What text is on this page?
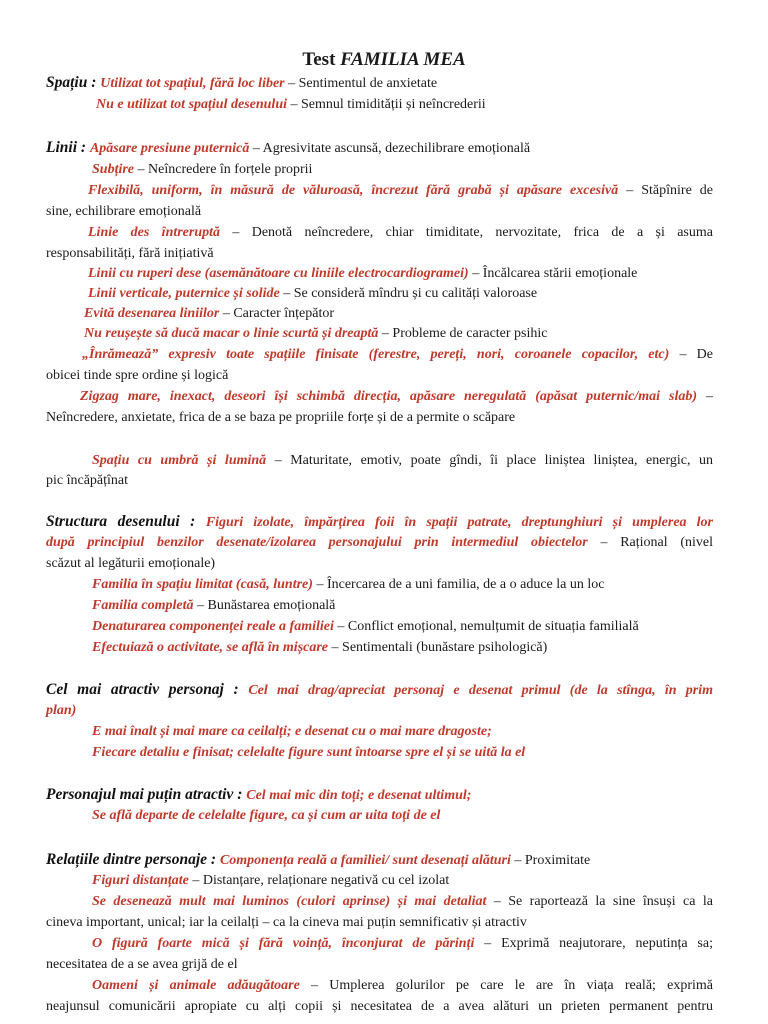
Test FAMILIA MEA
Spațiu : Utilizat tot spațiul, fără loc liber – Sentimentul de anxietate
Nu e utilizat tot spațiul desenului – Semnul timidității și neîncrederii
Linii : Apăsare presiune puternică – Agresivitate ascunsă, dezechilibrare emoțională
Subțire – Neîncredere în forțele proprii
Flexibilă, uniform, în măsură de văluroasă, încrezut fără grabă și apăsare excesivă – Stăpînire de
sine, echilibrare emoțională
Linie des întreruptă – Denotă neîncredere, chiar timiditate, nervozitate, frica de a și asuma
responsabilități, fără inițiativă
Linii cu ruperi dese (asemănătoare cu liniile electrocardiogramei) – Încălcarea stării emoționale
Linii verticale, puternice și solide – Se consideră mîndru și cu calități valoroase
Evită desenarea liniilor – Caracter înțepător
Nu reușește să ducă macar o linie scurtă și dreaptă – Probleme de caracter psihic
„Înrămează” expresiv toate spațiile finisate (ferestre, pereți, nori, coroanele copacilor, etc) – De
obicei tinde spre ordine și logică
Zigzag mare, inexact, deseori își schimbă direcția, apăsare neregulată (apăsat puternic/mai slab) –
Neîncredere, anxietate, frica de a se baza pe propriile forțe și de a permite o scăpare
Spațiu cu umbră și lumină – Maturitate, emotiv, poate gîndi, îi place liniștea liniștea, energic, un
pic încăpățînat
Structura desenului : Figuri izolate, împărțirea foii în spații patrate, dreptunghiuri și umplerea lor
după principiul benzilor desenate/izolarea personajului prin intermediul obiectelor – Rațional (nivel
scăzut al legăturii emoționale)
Familia în spațiu limitat (casă, luntre) – Încercarea de a uni familia, de a o aduce la un loc
Familia completă – Bunăstarea emoțională
Denaturarea componenței reale a familiei – Conflict emoțional, nemulțumit de situația familială
Efectuiază o activitate, se află în mișcare – Sentimentali (bunăstare psihologică)
Cel mai atractiv personaj : Cel mai drag/apreciat personaj e desenat primul (de la stînga, în prim
plan)
E mai înalt și mai mare ca ceilalți; e desenat cu o mai mare dragoste;
Fiecare detaliu e finisat; celelalte figure sunt întoarse spre el și se uită la el
Personajul mai puțin atractiv : Cel mai mic din toți; e desenat ultimul;
Se află departe de celelalte figure, ca și cum ar uita toți de el
Relațiile dintre personaje : Componența reală a familiei/ sunt desenați alături – Proximitate
Figuri distanțate – Distanțare, relaționare negativă cu cel izolat
Se desenează mult mai luminos (culori aprinse) și mai detaliat – Se raportează la sine însuși ca la
cineva important, unical; iar la ceilalți – ca la cineva mai puțin semnificativ și atractiv
O figură foarte mică și fără voință, înconjurat de părinți – Exprimă neajutorare, neputința sa;
necesitatea de a se avea grijă de el
Oameni și animale adăugătoare – Umplerea golurilor pe care le are în viața reală; exprimă
neajunsul comunicării apropiate cu alți copii și necesitatea de a avea alături un prieten permanent pentru
